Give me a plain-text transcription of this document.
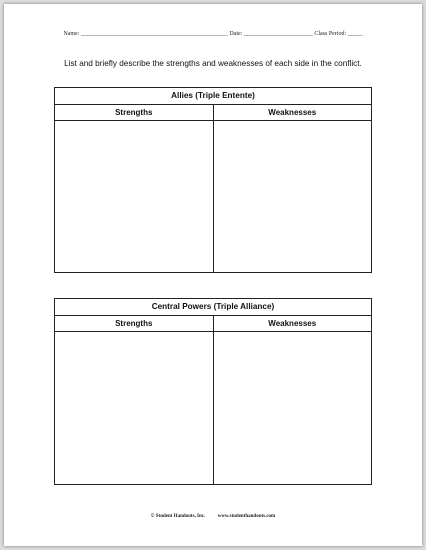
Name: _________________________________________________ Date: _______________________ Class Period: _____
List and briefly describe the strengths and weaknesses of each side in the conflict.
Allies (Triple Entente)
Strengths	Weaknesses
Central Powers (Triple Alliance)
Strengths	Weaknesses
© Student Handouts, Inc.          www.studenthandouts.com
